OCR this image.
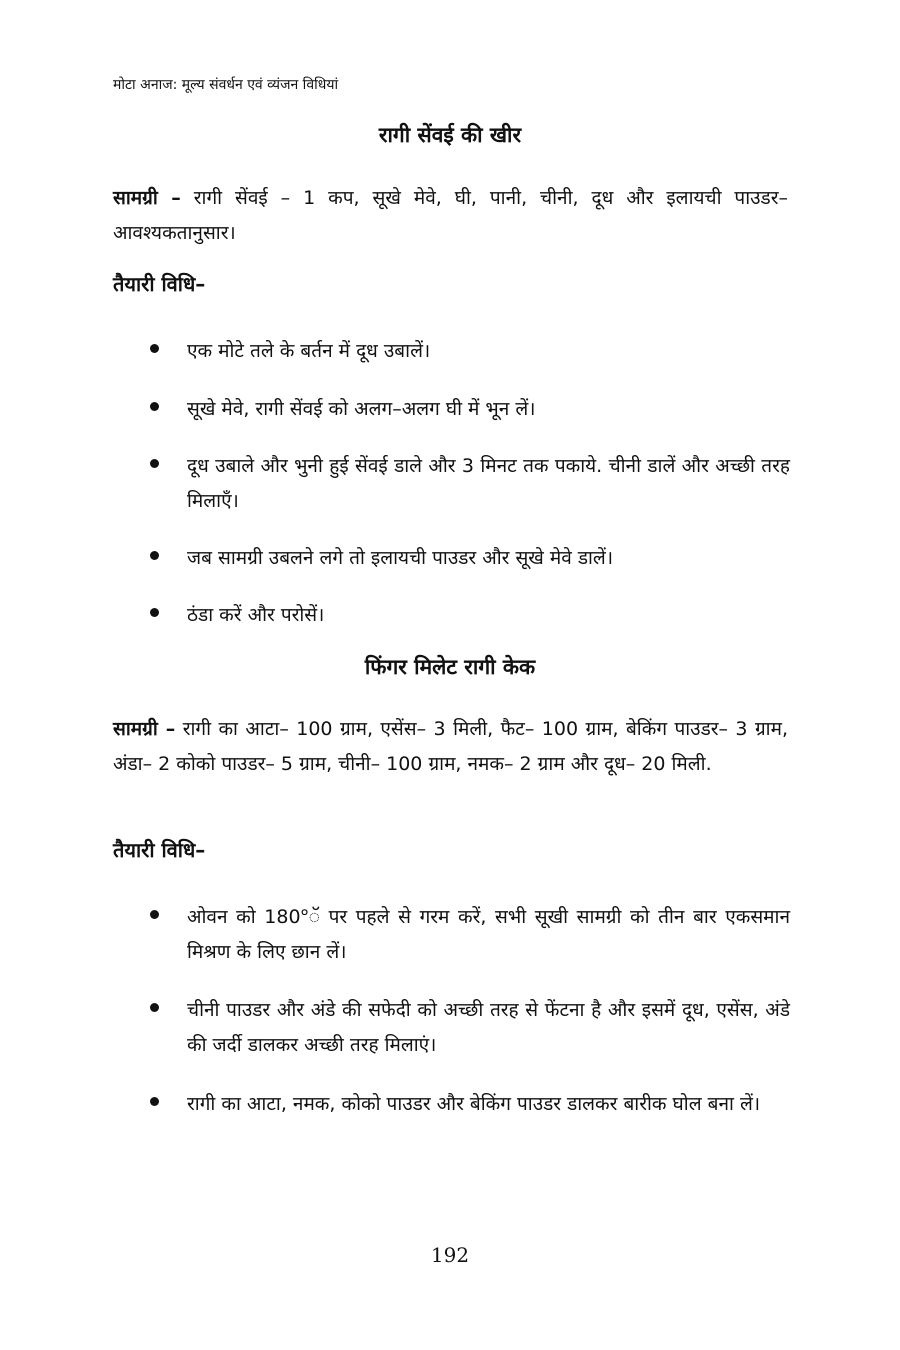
मोटा अनाज: मूल्य संवर्धन एवं व्यंजन विधियां
रागी सेंवई की खीर
सामग्री – रागी सेंवई – 1 कप, सूखे मेवे, घी, पानी, चीनी, दूध और इलायची पाउडर– आवश्यकतानुसार।
तैयारी विधि–
एक मोटे तले के बर्तन में दूध उबालें।
सूखे मेवे, रागी सेंवई को अलग–अलग घी में भून लें।
दूध उबाले और भुनी हुई सेंवई डाले और 3 मिनट तक पकाये. चीनी डालें और अच्छी तरह मिलाएँ।
जब सामग्री उबलने लगे तो इलायची पाउडर और सूखे मेवे डालें।
ठंडा करें और परोसें।
फिंगर मिलेट रागी केक
सामग्री – रागी का आटा– 100 ग्राम, एसेंस– 3 मिली, फैट– 100 ग्राम, बेकिंग पाउडर– 3 ग्राम, अंडा– 2 कोको पाउडर– 5 ग्राम, चीनी– 100 ग्राम, नमक– 2 ग्राम और दूध– 20 मिली.
तैयारी विधि–
ओवन को 180°ॅ पर पहले से गरम करें, सभी सूखी सामग्री को तीन बार एकसमान मिश्रण के लिए छान लें।
चीनी पाउडर और अंडे की सफेदी को अच्छी तरह से फेंटना है और इसमें दूध, एसेंस, अंडे की जर्दी डालकर अच्छी तरह मिलाएं।
रागी का आटा, नमक, कोको पाउडर और बेकिंग पाउडर डालकर बारीक घोल बना लें।
192
